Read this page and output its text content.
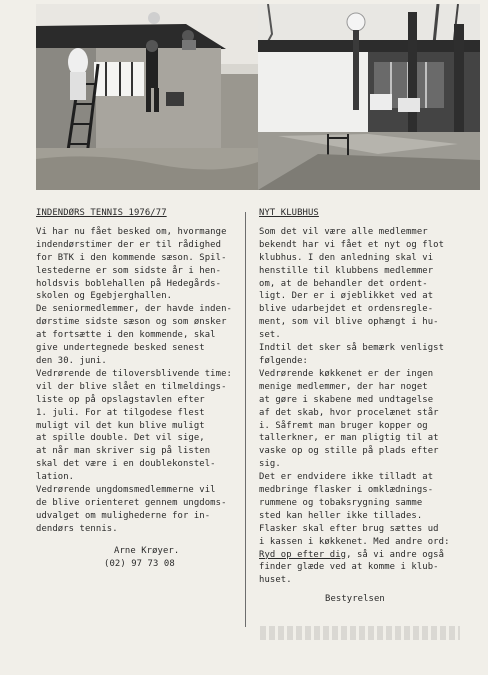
INDENDØRS TENNIS 1976/77
Vi har nu fået besked om, hvormange
indendørstimer der er til rådighed
for BTK i den kommende sæson. Spil-
lestederne er som sidste år i hen-
holdsvis boblehallen på Hedegårds-
skolen og Egebjerghallen.
De seniormedlemmer, der havde inden-
dørstime sidste sæson og som ønsker
at fortsætte i den kommende, skal
give undertegnede besked senest
den 30. juni.
Vedrørende de tiloversblivende time:
vil der blive slået en tilmeldings-
liste op på opslagstavlen efter
1. juli. For at tilgodese flest
muligt vil det kun blive muligt
at spille double. Det vil sige,
at når man skriver sig på listen
skal det være i en doublekonstel-
lation.
Vedrørende ungdomsmedlemmerne vil
de blive orienteret gennem ungdoms-
udvalget om mulighederne for in-
dendørs tennis.
Arne Krøyer.
(02) 97 73 08
NYT KLUBHUS
Som det vil være alle medlemmer
bekendt har vi fået et nyt og flot
klubhus. I den anledning skal vi
henstille til klubbens medlemmer
om, at de behandler det ordent-
ligt. Der er i øjeblikket ved at
blive udarbejdet et ordensregle-
ment, som vil blive ophængt i hu-
set.
Indtil det sker så bemærk venligst
følgende:
Vedrørende køkkenet er der ingen
menige medlemmer, der har noget
at gøre i skabene med undtagelse
af det skab, hvor procelænet står
i. Såfremt man bruger kopper og
tallerkner, er man pligtig til at
vaske op og stille på plads efter
sig.
Det er endvidere ikke tilladt at
medbringe flasker i omklædnings-
rummene og tobaksrygning samme
sted kan heller ikke tillades.
Flasker skal efter brug sættes ud
i kassen i køkkenet. Med andre ord:
Ryd op efter dig, så vi andre også
finder glæde ved at komme i klub-
huset.
Bestyrelsen
